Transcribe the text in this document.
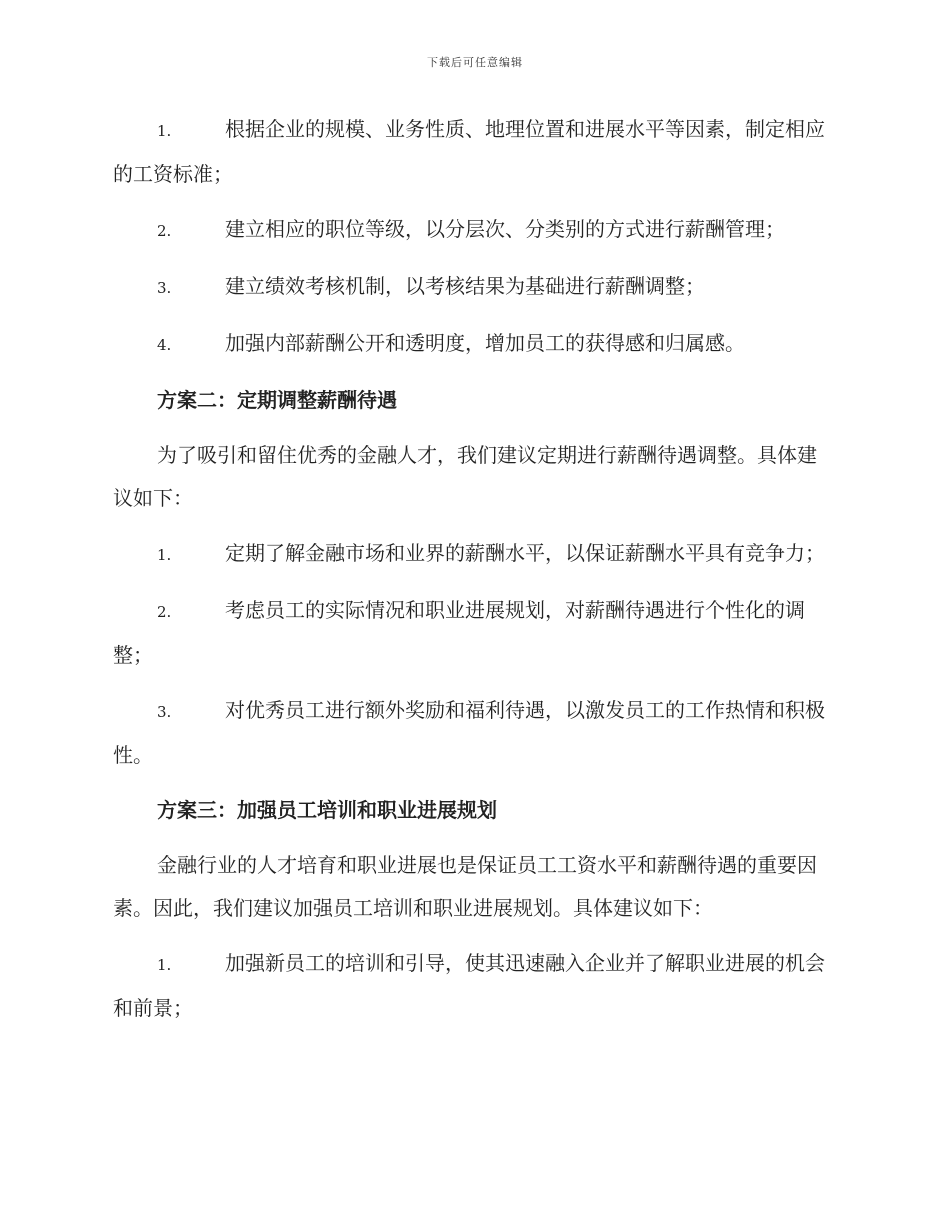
下载后可任意编辑
1.	根据企业的规模、业务性质、地理位置和进展水平等因素，制定相应的工资标准；
2.	建立相应的职位等级，以分层次、分类别的方式进行薪酬管理；
3.	建立绩效考核机制，以考核结果为基础进行薪酬调整；
4.	加强内部薪酬公开和透明度，增加员工的获得感和归属感。
方案二：定期调整薪酬待遇
为了吸引和留住优秀的金融人才，我们建议定期进行薪酬待遇调整。具体建议如下：
1.	定期了解金融市场和业界的薪酬水平，以保证薪酬水平具有竞争力；
2.	考虑员工的实际情况和职业进展规划，对薪酬待遇进行个性化的调整；
3.	对优秀员工进行额外奖励和福利待遇，以激发员工的工作热情和积极性。
方案三：加强员工培训和职业进展规划
金融行业的人才培育和职业进展也是保证员工工资水平和薪酬待遇的重要因素。因此，我们建议加强员工培训和职业进展规划。具体建议如下：
1.	加强新员工的培训和引导，使其迅速融入企业并了解职业进展的机会和前景；
